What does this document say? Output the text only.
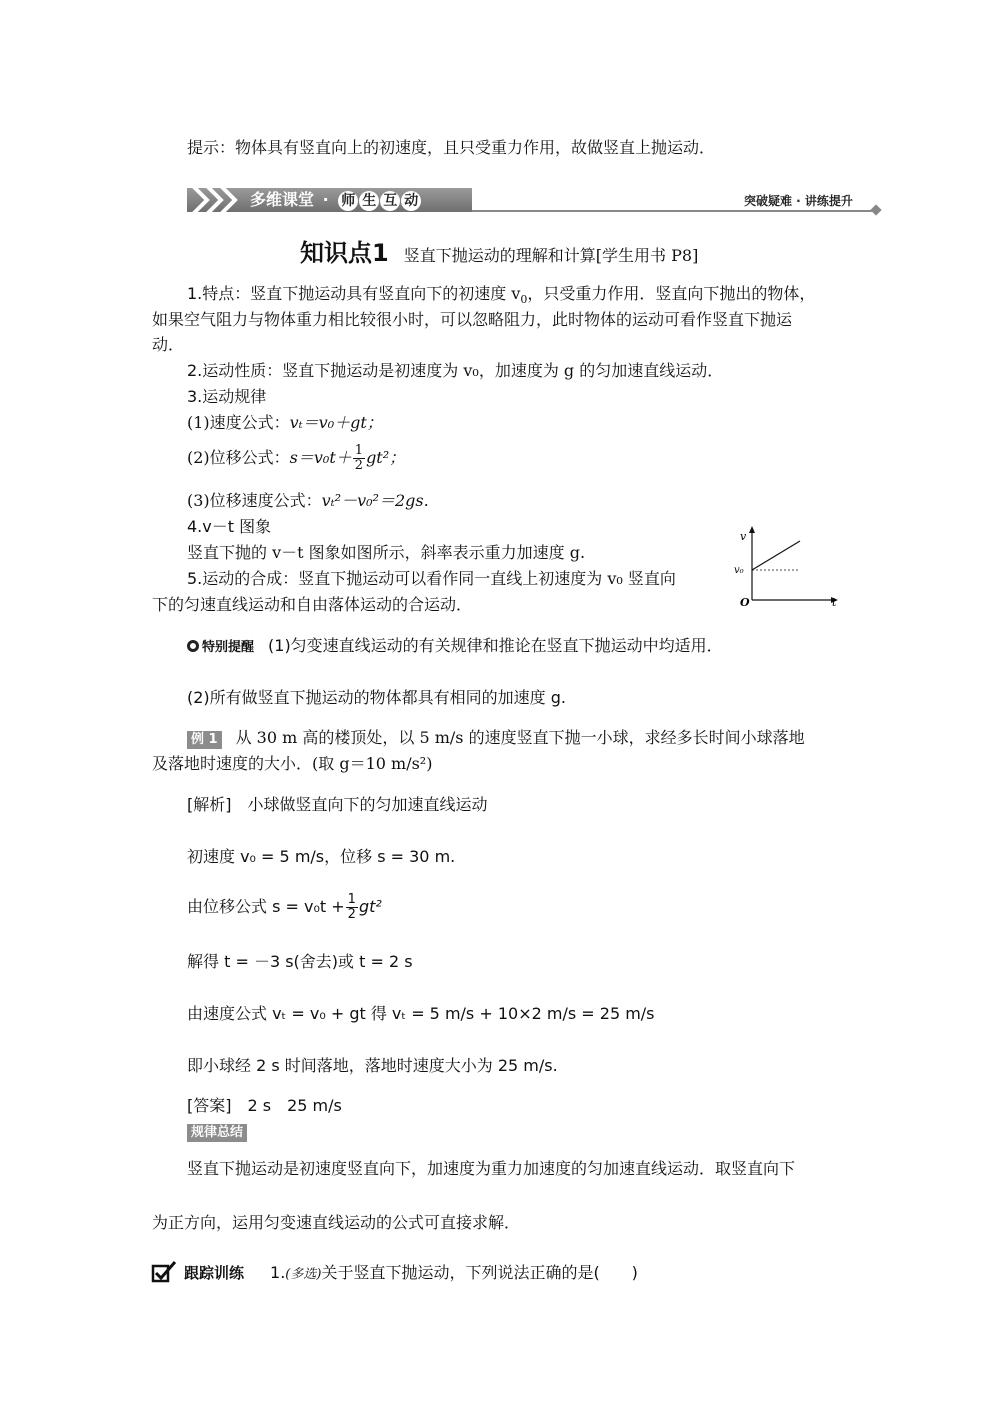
提示：物体具有竖直向上的初速度，且只受重力作用，故做竖直上抛运动．
多维课堂 · 师 生 互 动	突破疑难 · 讲练提升
知识点1 竖直下抛运动的理解和计算[学生用书 P8]
1.特点：竖直下抛运动具有竖直向下的初速度 $v_0$，只受重力作用．竖直向下抛出的物体，
如果空气阻力与物体重力相比较很小时，可以忽略阻力，此时物体的运动可看作竖直下抛运
动．
2.运动性质：竖直下抛运动是初速度为 v₀，加速度为 g 的匀加速直线运动．
3.运动规律
(1)速度公式：vₜ＝v₀＋gt；
(2)位移公式：$s=v_0t+ \frac{1}{2} gt^2$；
(3)位移速度公式：vₜ²－v₀²＝2gs.
4.v－t 图象
竖直下抛的 v－t 图象如图所示，斜率表示重力加速度 g.
5.运动的合成：竖直下抛运动可以看作同一直线上初速度为 v₀ 竖直向
下的匀速直线运动和自由落体运动的合运动．
v
v₀
O	t
特别提醒 (1)匀变速直线运动的有关规律和推论在竖直下抛运动中均适用．
(2)所有做竖直下抛运动的物体都具有相同的加速度 g.
例 1 从 30 m 高的楼顶处，以 5 m/s 的速度竖直下抛一小球，求经多长时间小球落地
及落地时速度的大小．(取 g＝10 m/s²)
[解析]　小球做竖直向下的匀加速直线运动
初速度 v₀ = 5 m/s，位移 s = 30 m.
由位移公式 $s = v_0t + \frac{1}{2} gt^2$
解得 t = －3 s(舍去)或 t = 2 s
由速度公式 vₜ = v₀ + gt 得 vₜ = 5 m/s + 10×2 m/s = 25 m/s
即小球经 2 s 时间落地，落地时速度大小为 25 m/s.
[答案]　2 s　25 m/s
规律总结
竖直下抛运动是初速度竖直向下，加速度为重力加速度的匀加速直线运动．取竖直向下
为正方向，运用匀变速直线运动的公式可直接求解．
跟踪训练 1.(多选)关于竖直下抛运动，下列说法正确的是(　　)
